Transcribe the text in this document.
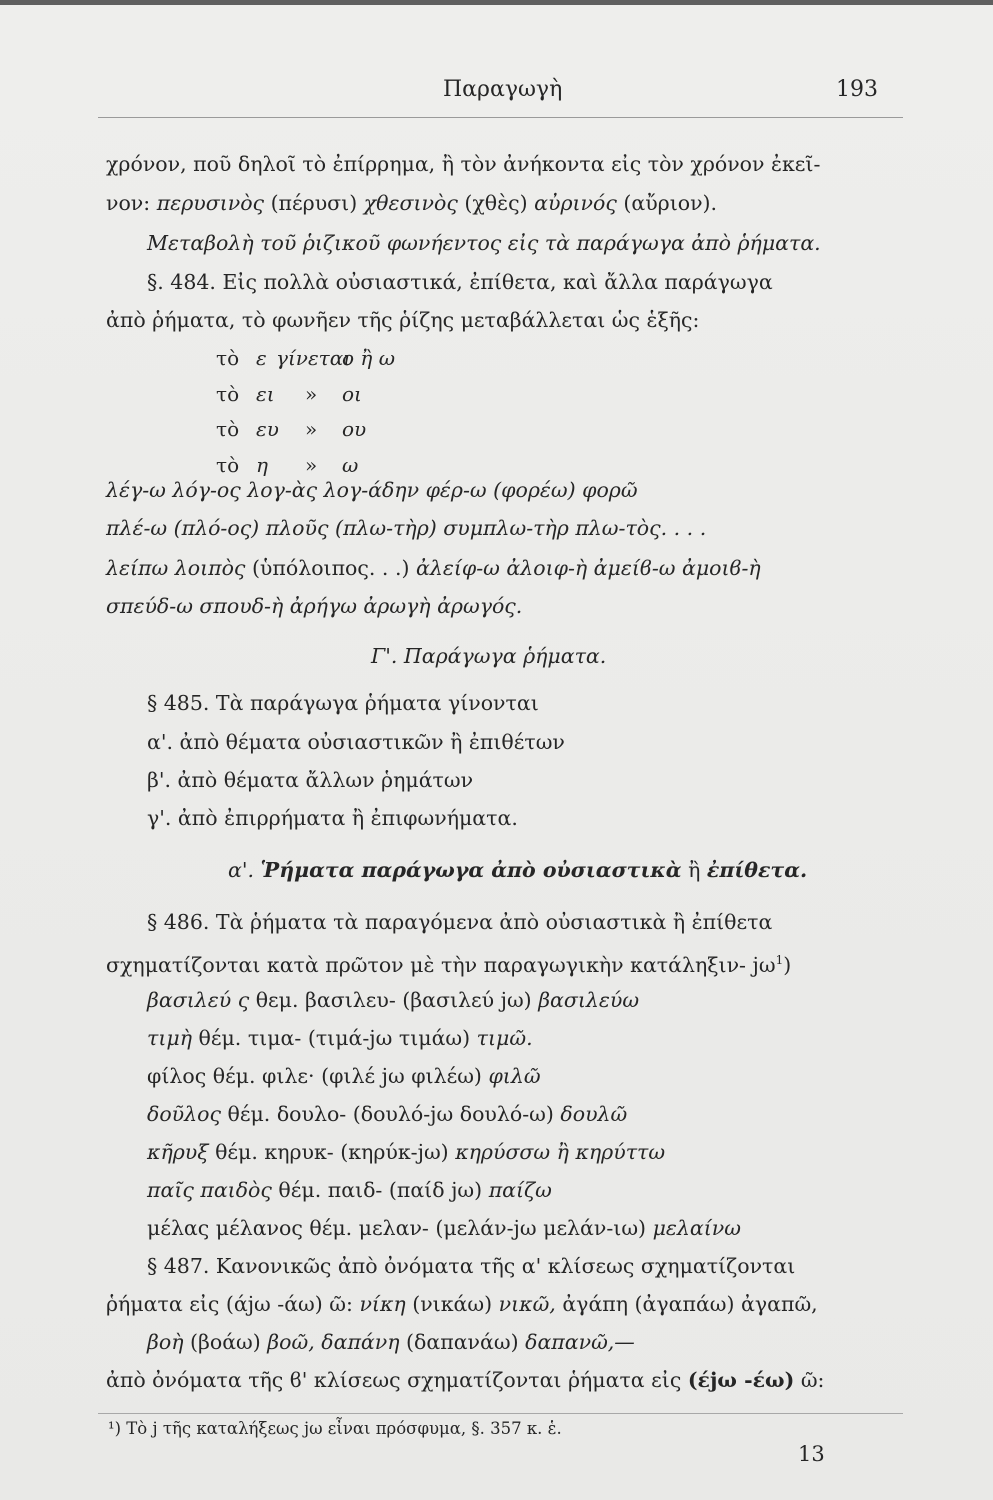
Παραγωγὴ	193
χρόνον, ποῦ δηλοῖ τὸ ἐπίρρημα, ἢ τὸν ἀνήκοντα εἰς τὸν χρόνον ἐκεῖ-
νον: περυσινὸς (πέρυσι) χθεσινὸς (χθὲς) αὐρινός (αὔριον).
Μεταβολὴ τοῦ ῥιζικοῦ φωνήεντος εἰς τὰ παράγωγα ἀπὸ ῥήματα.
§. 484. Εἰς πολλὰ οὐσιαστικά, ἐπίθετα, καὶ ἄλλα παράγωγα
ἀπὸ ῥήματα, τὸ φωνῆεν τῆς ῥίζης μεταβάλλεται ὡς ἑξῆς:
τὸ ε γίνεται
ο ἢ ω
τὸ ει » οι
τὸ ευ » ου
τὸ η » ω
λέγ-ω λόγ-ος λογ-ὰς λογ-άδην φέρ-ω (φορέω) φορῶ
πλέ-ω (πλό-ος) πλοῦς (πλω-τὴρ) συμπλω-τὴρ πλω-τὸς. . . .
λείπω λοιπὸς (ὑπόλοιπος. . .) ἀλείφ-ω ἀλοιφ-ὴ ἀμείϐ-ω ἀμοιϐ-ὴ
σπεύδ-ω σπουδ-ὴ ἀρήγω ἀρωγὴ ἀρωγός.
Γ'. Παράγωγα ῥήματα.
§ 485. Τὰ παράγωγα ῥήματα γίνονται
α'. ἀπὸ θέματα οὐσιαστικῶν ἢ ἐπιθέτων
β'. ἀπὸ θέματα ἄλλων ῥημάτων
γ'. ἀπὸ ἐπιρρήματα ἢ ἐπιφωνήματα.
α'. Ῥήματα παράγωγα ἀπὸ οὐσιαστικὰ ἢ ἐπίθετα.
§ 486. Τὰ ῥήματα τὰ παραγόμενα ἀπὸ οὐσιαστικὰ ἢ ἐπίθετα
σχηματίζονται κατὰ πρῶτον μὲ τὴν παραγωγικὴν κατάληξιν- $j\omega^1$)
βασιλεύ ς θεμ. βασιλευ- (βασιλεύ jω) βασιλεύω
τιμὴ θέμ. τιμα- (τιμά-jω τιμάω) τιμῶ.
φίλος θέμ. φιλε· (φιλέ jω φιλέω) φιλῶ
δοῦλος θέμ. δουλο- (δουλό-jω δουλό-ω) δουλῶ
κῆρυξ θέμ. κηρυκ- (κηρύκ-jω) κηρύσσω ἢ κηρύττω
παῖς παιδὸς θέμ. παιδ- (παίδ jω) παίζω
μέλας μέλανος θέμ. μελαν- (μελάν-jω μελάν-ιω) μελαίνω
§ 487. Κανονικῶς ἀπὸ ὀνόματα τῆς α' κλίσεως σχηματίζονται
ῥήματα εἰς (άjω -άω) ῶ: νίκη (νικάω) νικῶ, ἀγάπη (ἀγαπάω) ἀγαπῶ,
βοὴ (βοάω) βοῶ, δαπάνη (δαπανάω) δαπανῶ,—
ἀπὸ ὀνόματα τῆς ϐ' κλίσεως σχηματίζονται ῥήματα εἰς (έjω -έω) ῶ:
¹) Τὸ j τῆς καταλήξεως jω εἶναι πρόσφυμα, §. 357 κ. ἑ.
13
